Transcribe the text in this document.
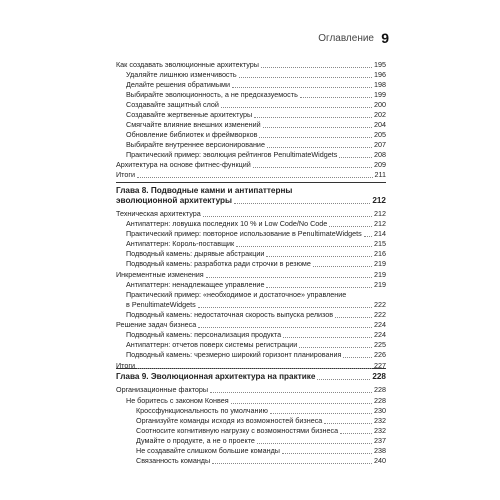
Оглавление 9
Как создавать эволюционные архитектуры	195
Удаляйте лишнюю изменчивость	196
Делайте решения обратимыми	198
Выбирайте эволюционность, а не предсказуемость	199
Создавайте защитный слой	200
Создавайте жертвенные архитектуры	202
Смягчайте влияние внешних изменений	204
Обновление библиотек и фреймворков	205
Выбирайте внутреннее версионирование	207
Практический пример: эволюция рейтингов PenultimateWidgets	208
Архитектура на основе фитнес-функций	209
Итоги	211
Глава 8. Подводные камни и антипаттерны
эволюционной архитектуры	212
Техническая архитектура	212
Антипаттерн: ловушка последних 10 % и Low Code/No Code	212
Практический пример: повторное использование в PenultimateWidgets 214
Антипаттерн: Король-поставщик	215
Подводный камень: дырявые абстракции	216
Подводный камень: разработка ради строчки в резюме	219
Инкрементные изменения	219
Антипаттерн: ненадлежащее управление	219
Практический пример: «необходимое и достаточное» управление
в PenultimateWidgets	222
Подводный камень: недостаточная скорость выпуска релизов	222
Решение задач бизнеса	224
Подводный камень: персонализация продукта	224
Антипаттерн: отчетов поверх системы регистрации	225
Подводный камень: чрезмерно широкий горизонт планирования	226
Итоги	227
Глава 9. Эволюционная архитектура на практике	228
Организационные факторы	228
Не боритесь с законом Конвея	228
Кроссфункциональность по умолчанию	230
Организуйте команды исходя из возможностей бизнеса	232
Соотносите когнитивную нагрузку с возможностями бизнеса	232
Думайте о продукте, а не о проекте	237
Не создавайте слишком большие команды	238
Связанность команды	240
